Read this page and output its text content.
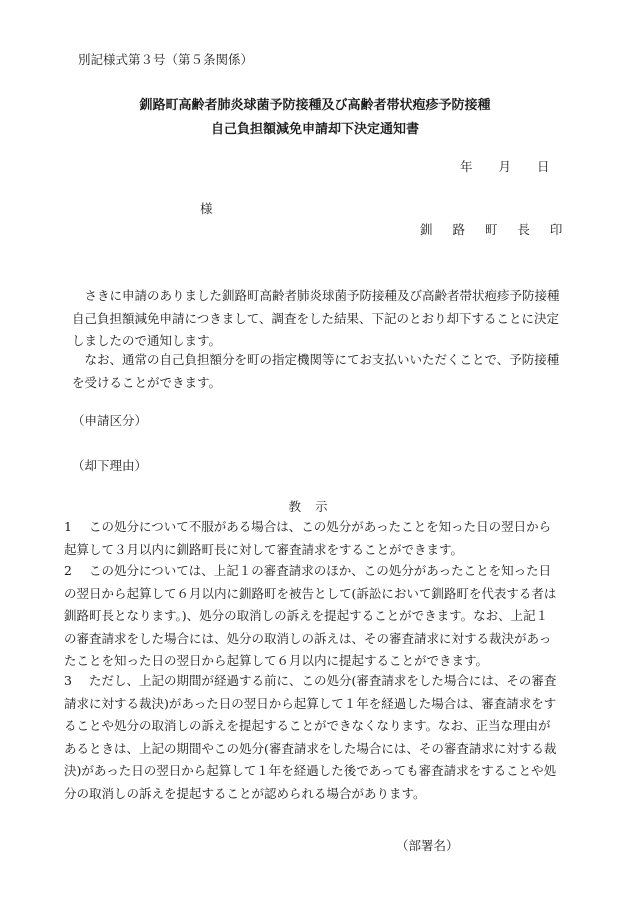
別記様式第３号（第５条関係）
釧路町高齢者肺炎球菌予防接種及び高齢者帯状疱疹予防接種
自己負担額減免申請却下決定通知書
年 月 日
様
釧 路 町 長 印
さきに申請のありました釧路町高齢者肺炎球菌予防接種及び高齢者帯状疱疹予防接種自己負担額減免申請につきまして、調査をした結果、下記のとおり却下することに決定しましたので通知します。
なお、通常の自己負担額分を町の指定機関等にてお支払いいただくことで、予防接種を受けることができます。
（申請区分）
（却下理由）
教示
1	この処分について不服がある場合は、この処分があったことを知った日の翌日から起算して３月以内に釧路町長に対して審査請求をすることができます。
2	この処分については、上記１の審査請求のほか、この処分があったことを知った日の翌日から起算して６月以内に釧路町を被告として(訴訟において釧路町を代表する者は釧路町長となります。)、処分の取消しの訴えを提起することができます。なお、上記１の審査請求をした場合には、処分の取消しの訴えは、その審査請求に対する裁決があったことを知った日の翌日から起算して６月以内に提起することができます。
3	ただし、上記の期間が経過する前に、この処分(審査請求をした場合には、その審査請求に対する裁決)があった日の翌日から起算して１年を経過した場合は、審査請求をすることや処分の取消しの訴えを提起することができなくなります。なお、正当な理由があるときは、上記の期間やこの処分(審査請求をした場合には、その審査請求に対する裁決)があった日の翌日から起算して１年を経過した後であっても審査請求をすることや処分の取消しの訴えを提起することが認められる場合があります。
（部署名）
